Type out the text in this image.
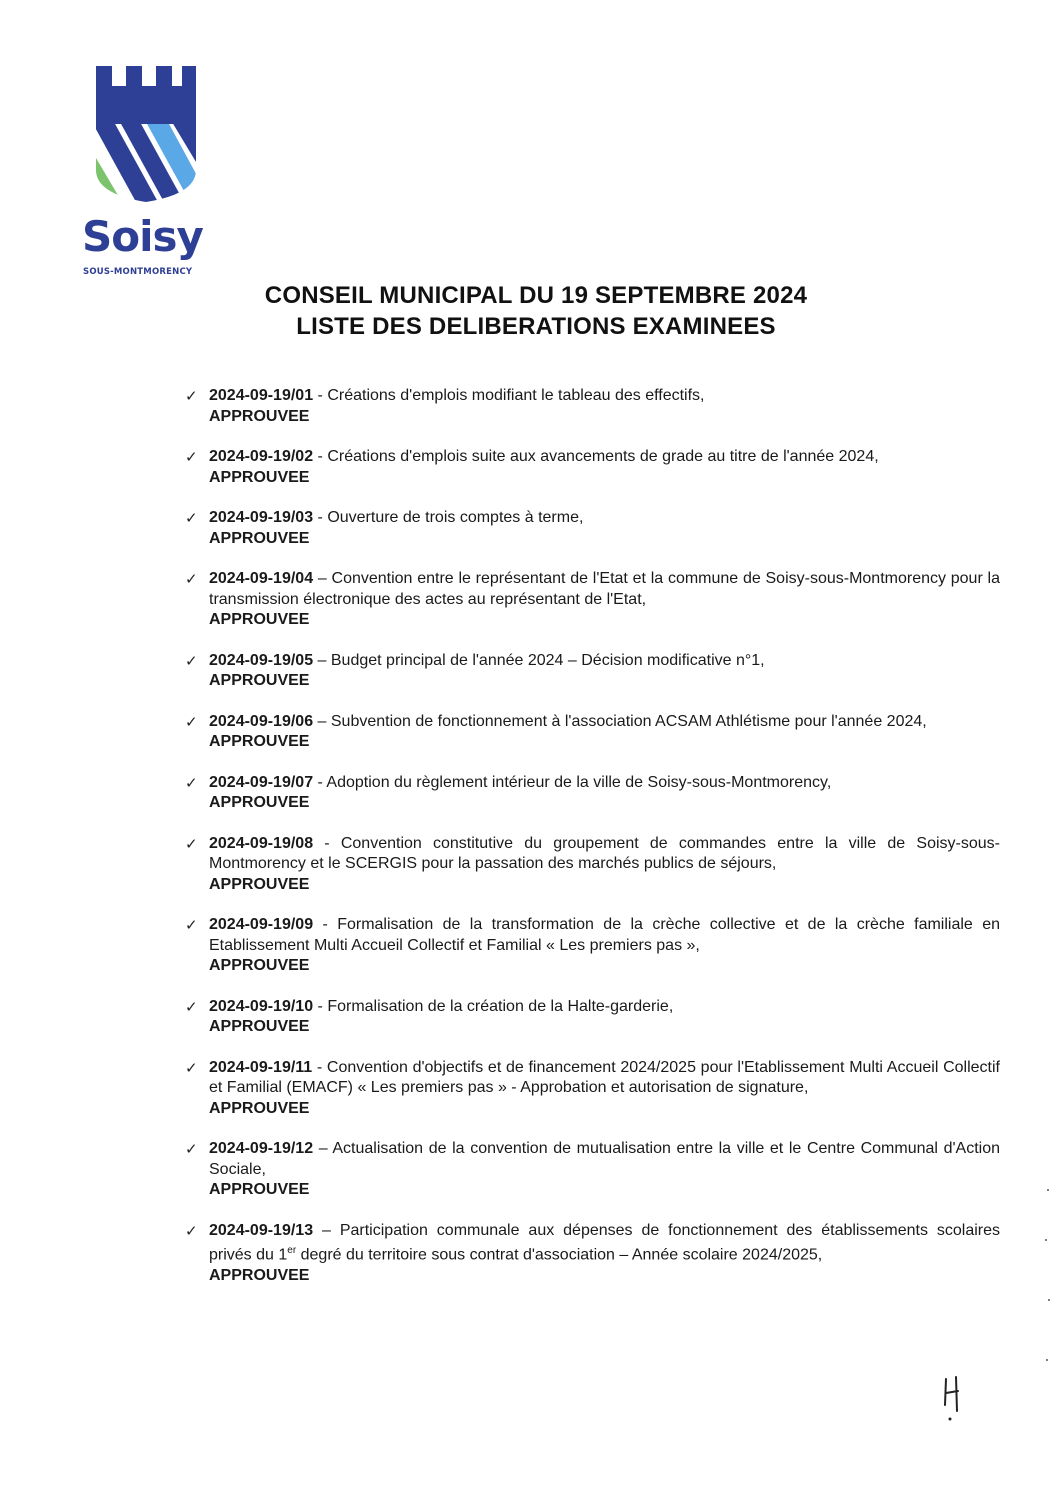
Soisy
SOUS-MONTMORENCY
CONSEIL MUNICIPAL DU 19 SEPTEMBRE 2024
LISTE DES DELIBERATIONS EXAMINEES
✓ 2024-09-19/01 - Créations d'emplois modifiant le tableau des effectifs,
APPROUVEE
✓ 2024-09-19/02 - Créations d'emplois suite aux avancements de grade au titre de l'année 2024,
APPROUVEE
✓ 2024-09-19/03 - Ouverture de trois comptes à terme,
APPROUVEE
✓ 2024-09-19/04 – Convention entre le représentant de l'Etat et la commune de Soisy-sous-Montmorency pour la transmission électronique des actes au représentant de l'Etat,
APPROUVEE
✓ 2024-09-19/05 – Budget principal de l'année 2024 – Décision modificative n°1,
APPROUVEE
✓ 2024-09-19/06 – Subvention de fonctionnement à l'association ACSAM Athlétisme pour l'année 2024,
APPROUVEE
✓ 2024-09-19/07 - Adoption du règlement intérieur de la ville de Soisy-sous-Montmorency,
APPROUVEE
✓ 2024-09-19/08 - Convention constitutive du groupement de commandes entre la ville de Soisy-sous-Montmorency et le SCERGIS pour la passation des marchés publics de séjours,
APPROUVEE
✓ 2024-09-19/09 - Formalisation de la transformation de la crèche collective et de la crèche familiale en Etablissement Multi Accueil Collectif et Familial « Les premiers pas »,
APPROUVEE
✓ 2024-09-19/10 - Formalisation de la création de la Halte-garderie,
APPROUVEE
✓ 2024-09-19/11 - Convention d'objectifs et de financement 2024/2025 pour l'Etablissement Multi Accueil Collectif et Familial (EMACF) « Les premiers pas » - Approbation et autorisation de signature,
APPROUVEE
✓ 2024-09-19/12 – Actualisation de la convention de mutualisation entre la ville et le Centre Communal d'Action Sociale,
APPROUVEE
✓ 2024-09-19/13 – Participation communale aux dépenses de fonctionnement des établissements scolaires privés du 1er degré du territoire sous contrat d'association – Année scolaire 2024/2025,
APPROUVEE
